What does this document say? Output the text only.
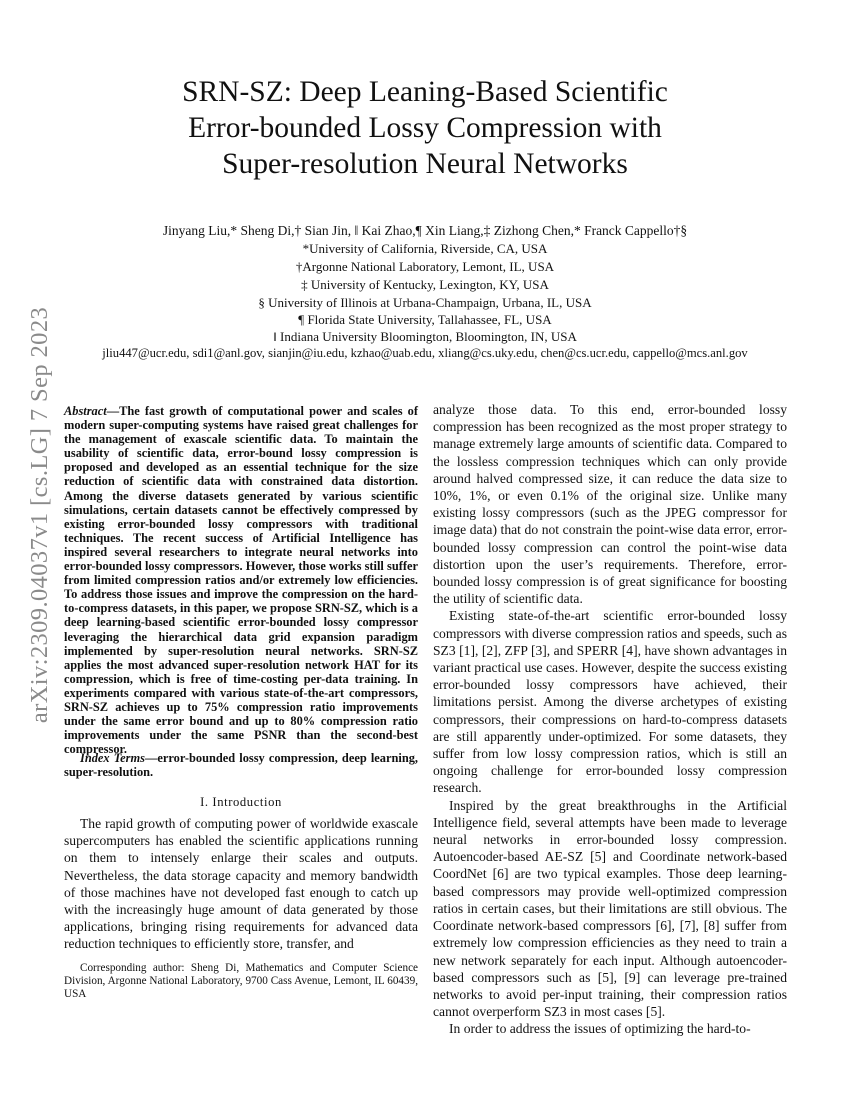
arXiv:2309.04037v1 [cs.LG] 7 Sep 2023
SRN-SZ: Deep Leaning-Based Scientific
Error-bounded Lossy Compression with
Super-resolution Neural Networks
Jinyang Liu,* Sheng Di,† Sian Jin, ‖ Kai Zhao,¶ Xin Liang,‡ Zizhong Chen,* Franck Cappello†§
*University of California, Riverside, CA, USA
†Argonne National Laboratory, Lemont, IL, USA
‡ University of Kentucky, Lexington, KY, USA
§ University of Illinois at Urbana-Champaign, Urbana, IL, USA
¶ Florida State University, Tallahassee, FL, USA
‖ Indiana University Bloomington, Bloomington, IN, USA
jliu447@ucr.edu, sdi1@anl.gov, sianjin@iu.edu, kzhao@uab.edu, xliang@cs.uky.edu, chen@cs.ucr.edu, cappello@mcs.anl.gov
Abstract—The fast growth of computational power and scales of modern super-computing systems have raised great challenges for the management of exascale scientific data. To maintain the usability of scientific data, error-bound lossy compression is proposed and developed as an essential technique for the size reduction of scientific data with constrained data distortion. Among the diverse datasets generated by various scientific simulations, certain datasets cannot be effectively compressed by existing error-bounded lossy compressors with traditional techniques. The recent success of Artificial Intelligence has inspired several researchers to integrate neural networks into error-bounded lossy compressors. However, those works still suffer from limited compression ratios and/or extremely low efficiencies. To address those issues and improve the compression on the hard-to-compress datasets, in this paper, we propose SRN-SZ, which is a deep learning-based scientific error-bounded lossy compressor leveraging the hierarchical data grid expansion paradigm implemented by super-resolution neural networks. SRN-SZ applies the most advanced super-resolution network HAT for its compression, which is free of time-costing per-data training. In experiments compared with various state-of-the-art compressors, SRN-SZ achieves up to 75% compression ratio improvements under the same error bound and up to 80% compression ratio improvements under the same PSNR than the second-best compressor.
Index Terms—error-bounded lossy compression, deep learning, super-resolution.
I. Introduction
The rapid growth of computing power of worldwide exascale supercomputers has enabled the scientific applications running on them to intensely enlarge their scales and outputs. Nevertheless, the data storage capacity and memory bandwidth of those machines have not developed fast enough to catch up with the increasingly huge amount of data generated by those applications, bringing rising requirements for advanced data reduction techniques to efficiently store, transfer, and
Corresponding author: Sheng Di, Mathematics and Computer Science Division, Argonne National Laboratory, 9700 Cass Avenue, Lemont, IL 60439, USA

analyze those data. To this end, error-bounded lossy compression has been recognized as the most proper strategy to manage extremely large amounts of scientific data. Compared to the lossless compression techniques which can only provide around halved compressed size, it can reduce the data size to 10%, 1%, or even 0.1% of the original size. Unlike many existing lossy compressors (such as the JPEG compressor for image data) that do not constrain the point-wise data error, error-bounded lossy compression can control the point-wise data distortion upon the user’s requirements. Therefore, error-bounded lossy compression is of great significance for boosting the utility of scientific data.

Existing state-of-the-art scientific error-bounded lossy compressors with diverse compression ratios and speeds, such as SZ3 [1], [2], ZFP [3], and SPERR [4], have shown advantages in variant practical use cases. However, despite the success existing error-bounded lossy compressors have achieved, their limitations persist. Among the diverse archetypes of existing compressors, their compressions on hard-to-compress datasets are still apparently under-optimized. For some datasets, they suffer from low lossy compression ratios, which is still an ongoing challenge for error-bounded lossy compression research.

Inspired by the great breakthroughs in the Artificial Intelligence field, several attempts have been made to leverage neural networks in error-bounded lossy compression. Autoencoder-based AE-SZ [5] and Coordinate network-based CoordNet [6] are two typical examples. Those deep learning-based compressors may provide well-optimized compression ratios in certain cases, but their limitations are still obvious. The Coordinate network-based compressors [6], [7], [8] suffer from extremely low compression efficiencies as they need to train a new network separately for each input. Although autoencoder-based compressors such as [5], [9] can leverage pre-trained networks to avoid per-input training, their compression ratios cannot overperform SZ3 in most cases [5].

In order to address the issues of optimizing the hard-to-
